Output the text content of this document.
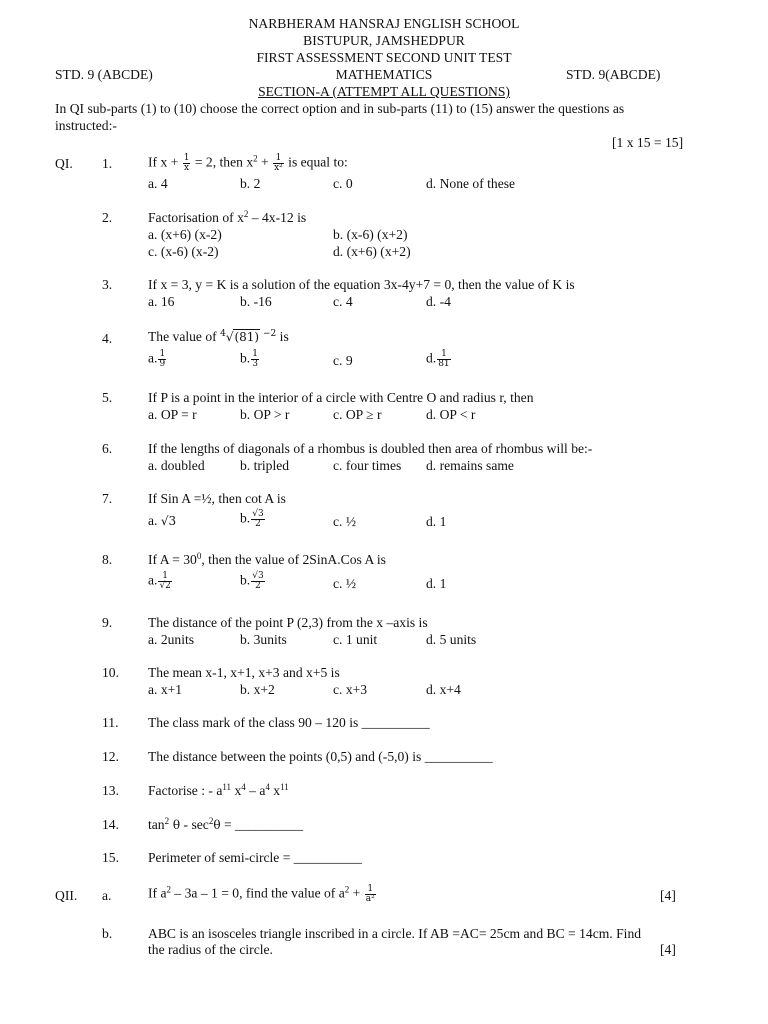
NARBHERAM HANSRAJ ENGLISH SCHOOL
BISTUPUR, JAMSHEDPUR
FIRST ASSESSMENT SECOND UNIT TEST
STD. 9 (ABCDE)	MATHEMATICS	STD. 9(ABCDE)
SECTION-A (ATTEMPT ALL QUESTIONS)
In QI sub-parts (1) to (10) choose the correct option and in sub-parts (11) to (15) answer the questions as
instructed:-
[1 x 15 = 15]
QI. 1.	If $x + \frac{1}{x} = 2$, then $x^2 + \frac{1}{\text{x²}}$ is equal to:
a. 4	b. 2	c. 0	d. None of these
2.	Factorisation of $x^2 - 4x-12$ is
a. (x+6) (x-2)	b. (x-6) (x+2)
c. (x-6) (x-2)	d. (x+6) (x+2)
3.	If x = 3, y = K is a solution of the equation 3x-4y+7 = 0, then the value of K is
a. 16	b. -16	c. 4	d. -4
4.	The value of $^4$√(81) $^{-2}$ is
a. $\frac{1}{9}$	b. $\frac{1}{3}$	c. 9	d. $\frac{1}{81}$
5.	If P is a point in the interior of a circle with Centre O and radius r, then
a. OP = r	b. OP > r	c. OP ≥ r	d. OP < r
6.	If the lengths of diagonals of a rhombus is doubled then area of rhombus will be:-
a. doubled	b. tripled	c. four times d. remains same
7.	If Sin A =½, then cot A is
a. √3	b. $\frac{√3}{2}$	c. ½	d. 1
8.	If $A = 30^0$, then the value of 2SinA.Cos A is
a. $\frac{1}{√2}$	b. $\frac{√3}{2}$	c. ½	d. 1
9.	The distance of the point P (2,3) from the x –axis is
a. 2units	b. 3units	c. 1 unit	d. 5 units
10. The mean x-1, x+1, x+3 and x+5 is
a. x+1	b. x+2	c. x+3	d. x+4
11. The class mark of the class 90 – 120 is __________
12. The distance between the points (0,5) and (-5,0) is __________
13. Factorise : - $a^{11}$ $x^4 - a^4$ $x^{11}$
14. $\tan^2 \theta - \sec^2\theta$ = __________
15. Perimeter of semi-circle = __________
QII. a.	If $a^2 - 3a - 1 = 0$, find the value of $a^2 + \frac{1}{\text{a²}}$	[4]
b.	ABC is an isosceles triangle inscribed in a circle. If AB =AC= 25cm and BC = 14cm. Find
the radius of the circle.	[4]
